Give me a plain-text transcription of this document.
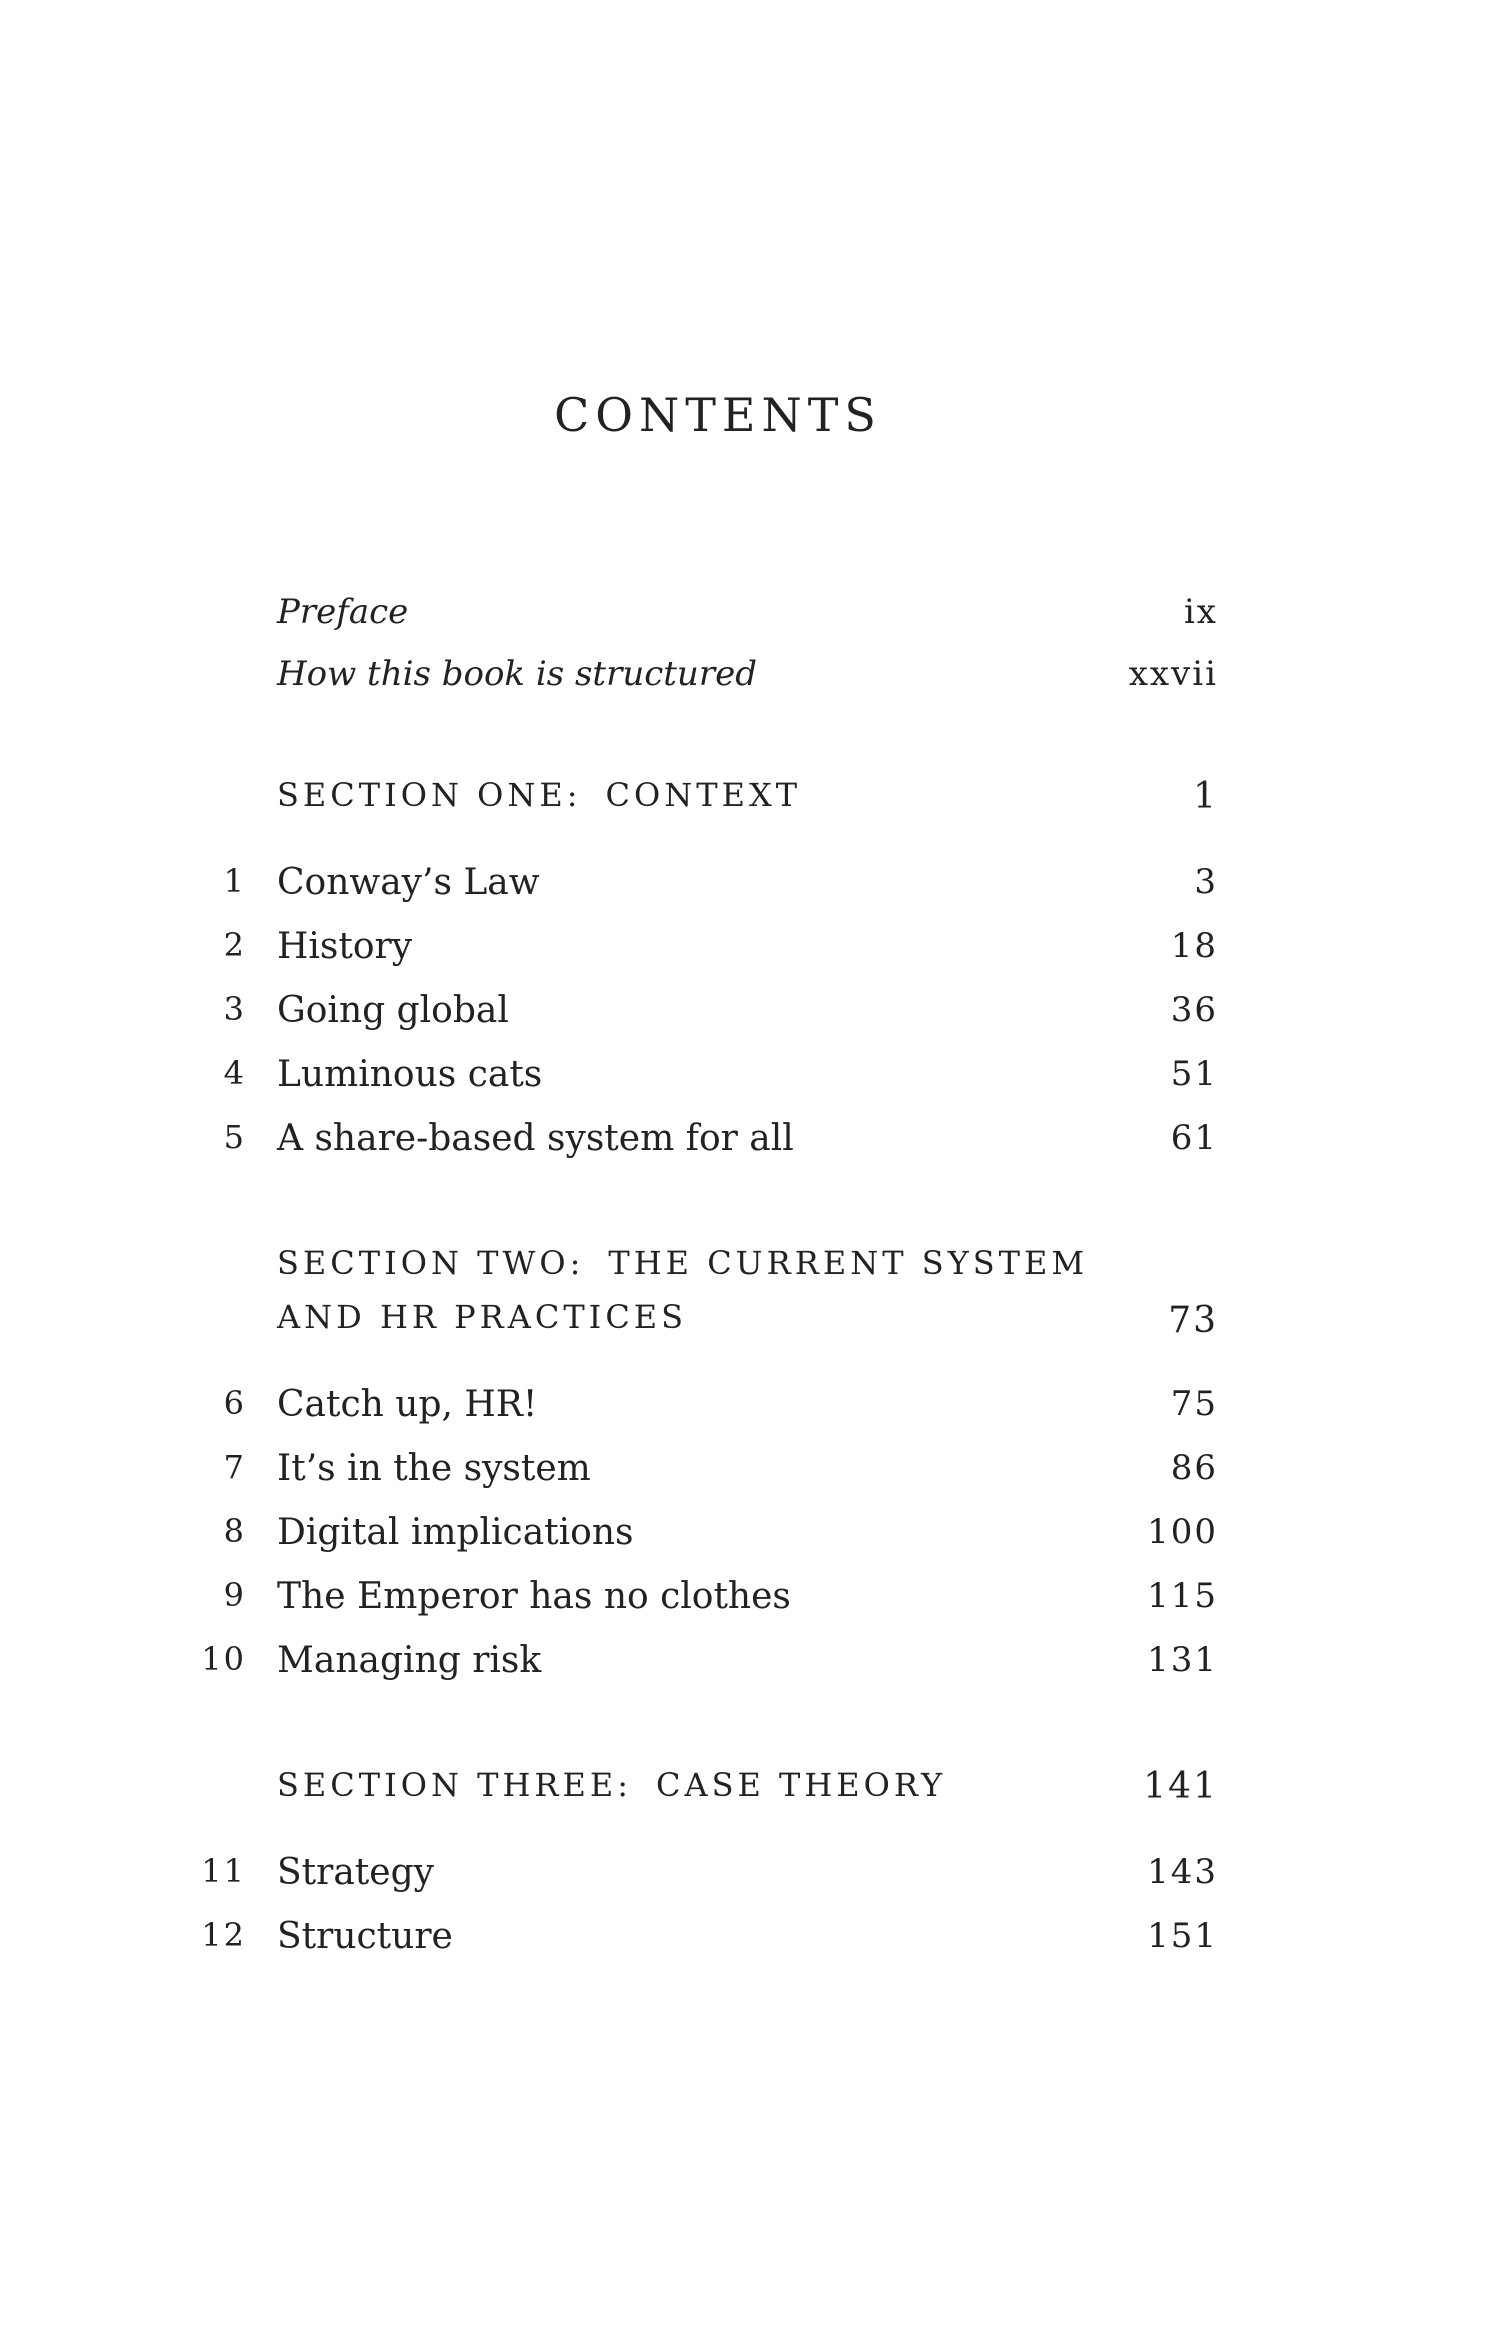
CONTENTS
Preface	ix
How this book is structured	xxvii
SECTION ONE: CONTEXT	1
1 Conway’s Law	3
2 History	18
3 Going global	36
4 Luminous cats	51
5 A share-based system for all	61
SECTION TWO: THE CURRENT SYSTEM
AND HR PRACTICES	73
6 Catch up, HR!	75
7 It’s in the system	86
8 Digital implications	100
9 The Emperor has no clothes	115
10 Managing risk	131
SECTION THREE: CASE THEORY	141
11 Strategy	143
12 Structure	151
